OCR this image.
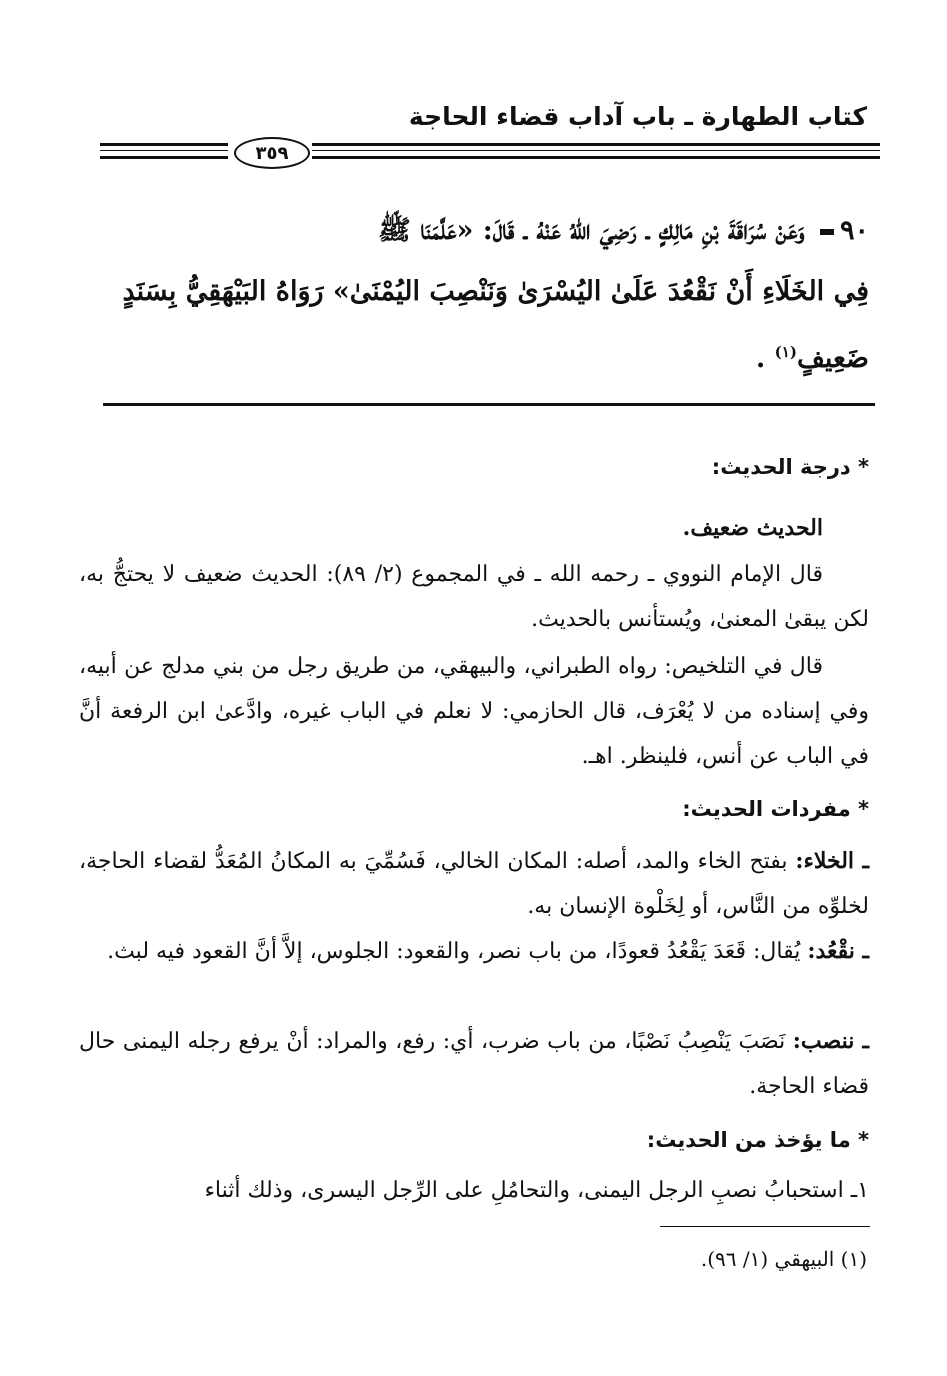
كتاب الطهارة ـ باب آداب قضاء الحاجة
٣٥٩
٩٠ وَعَنْ سُرَاقَةَ بْنِ مَالِكٍ ـ رَضِيَ اللهُ عَنْهُ ـ قَالَ: «عَلَّمَنَا ﷺ
فِي الخَلَاءِ أَنْ نَقْعُدَ عَلَىٰ اليُسْرَىٰ وَنَنْصِبَ اليُمْنَىٰ» رَوَاهُ البَيْهَقِيُّ بِسَنَدٍ
ضَعِيفٍ$^{(١)}$ .
* درجة الحديث:
الحديث ضعيف.
قال الإمام النووي ـ رحمه الله ـ في المجموع (٢/ ٨٩): الحديث ضعيف لا يحتجُّ به، لكن يبقىٰ المعنىٰ، ويُستأنس بالحديث.
قال في التلخيص: رواه الطبراني، والبيهقي، من طريق رجل من بني مدلج عن أبيه، وفي إسناده من لا يُعْرَف، قال الحازمي: لا نعلم في الباب غيره، وادَّعىٰ ابن الرفعة أنَّ في الباب عن أنس، فلينظر. اهـ.
* مفردات الحديث:
ـ الخلاء: بفتح الخاء والمد، أصله: المكان الخالي، فَسُمِّيَ به المكانُ المُعَدُّ لقضاء الحاجة، لخلوِّه من النَّاس، أو لِخَلْوة الإنسان به.
ـ نقْعُد: يُقال: قَعَدَ يَقْعُدُ قعودًا، من باب نصر، والقعود: الجلوس، إلاَّ أنَّ القعود فيه لبث.
ـ ننصب: نَصَبَ يَنْصِبُ نَصْبًا، من باب ضرب، أي: رفع، والمراد: أنْ يرفع رجله اليمنى حال قضاء الحاجة.
* ما يؤخذ من الحديث:
١ـ استحبابُ نصبِ الرجل اليمنى، والتحامُلِ على الرِّجل اليسرى، وذلك أثناء
(١) البيهقي (١/ ٩٦).
